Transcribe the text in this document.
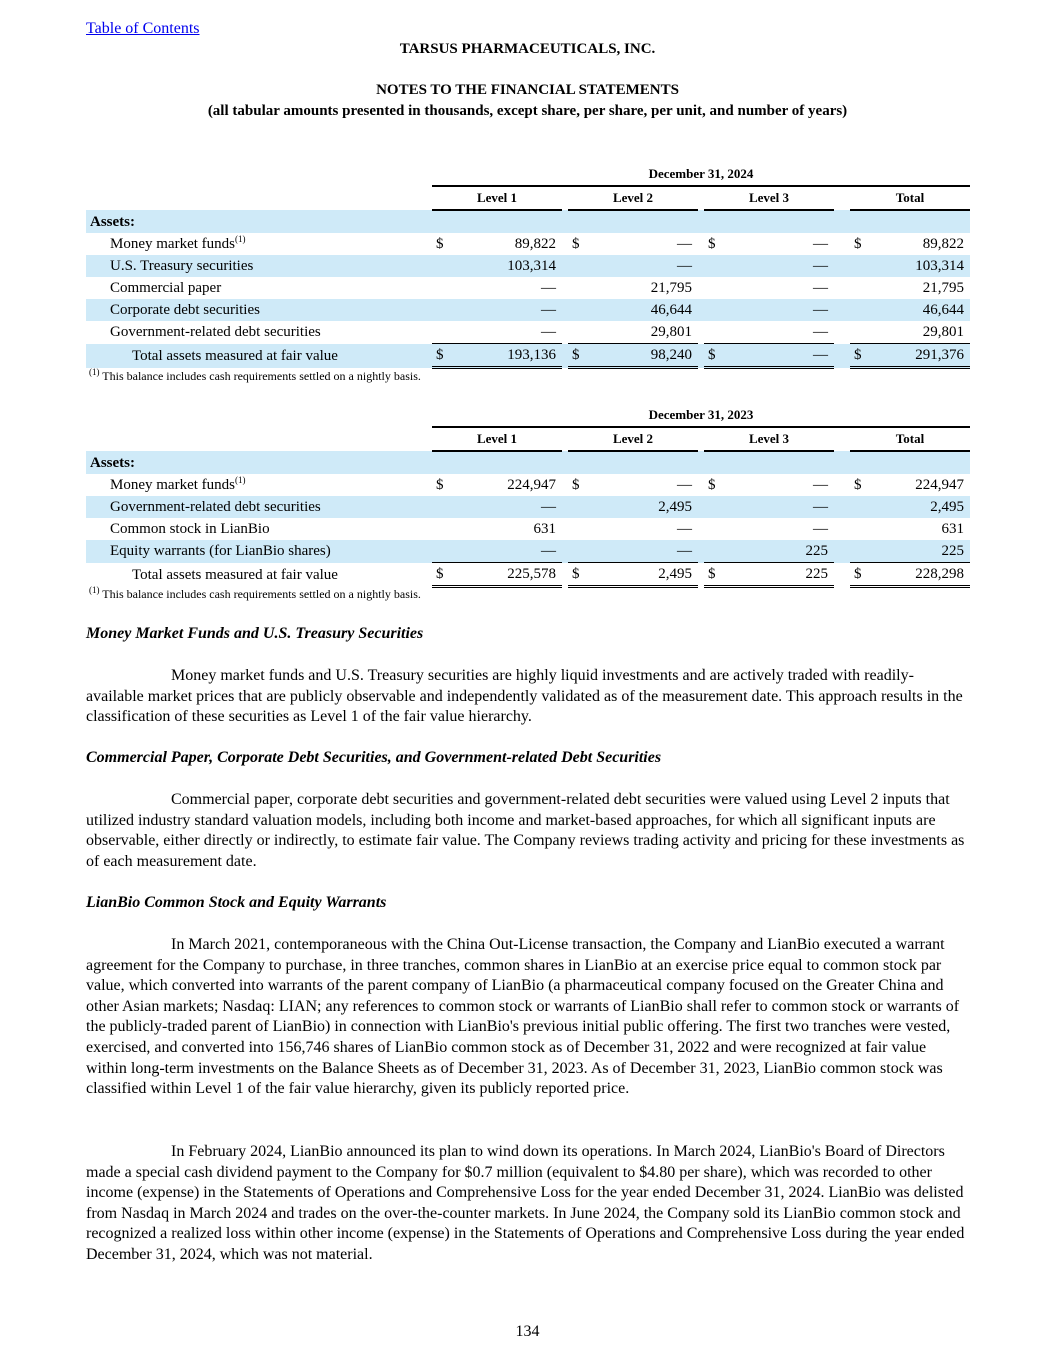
Table of Contents
TARSUS PHARMACEUTICALS, INC.
NOTES TO THE FINANCIAL STATEMENTS
(all tabular amounts presented in thousands, except share, per share, per unit, and number of years)
	December 31, 2024										
	Level 1			Level 2			Level 3			Total	
Assets:											
Money market funds$^{(1)}$	$	89,822		$	—		$	—		$	89,822
U.S. Treasury securities		103,314			—			—			103,314
Commercial paper		—			21,795			—			21,795
Corporate debt securities		—			46,644			—			46,644
Government-related debt securities		—			29,801			—			29,801
Total assets measured at fair value	$	193,136		$	98,240		$	—		$	291,376
$^{(1)}$ This balance includes cash requirements settled on a nightly basis.
	December 31, 2023										
	Level 1			Level 2			Level 3			Total	
Assets:											
Money market funds$^{(1)}$	$	224,947		$	—		$	—		$	224,947
Government-related debt securities		—			2,495			—			2,495
Common stock in LianBio		631			—			—			631
Equity warrants (for LianBio shares)		—			—			225			225
Total assets measured at fair value	$	225,578		$	2,495		$	225		$	228,298
$^{(1)}$ This balance includes cash requirements settled on a nightly basis.
Money Market Funds and U.S. Treasury Securities
Money market funds and U.S. Treasury securities are highly liquid investments and are actively traded with readily-available market prices that are publicly observable and independently validated as of the measurement date. This approach results in the classification of these securities as Level 1 of the fair value hierarchy.
Commercial Paper, Corporate Debt Securities, and Government-related Debt Securities
Commercial paper, corporate debt securities and government-related debt securities were valued using Level 2 inputs that utilized industry standard valuation models, including both income and market-based approaches, for which all significant inputs are observable, either directly or indirectly, to estimate fair value. The Company reviews trading activity and pricing for these investments as of each measurement date.
LianBio Common Stock and Equity Warrants
In March 2021, contemporaneous with the China Out-License transaction, the Company and LianBio executed a warrant agreement for the Company to purchase, in three tranches, common shares in LianBio at an exercise price equal to common stock par value, which converted into warrants of the parent company of LianBio (a pharmaceutical company focused on the Greater China and other Asian markets; Nasdaq: LIAN; any references to common stock or warrants of LianBio shall refer to common stock or warrants of the publicly-traded parent of LianBio) in connection with LianBio's previous initial public offering. The first two tranches were vested, exercised, and converted into 156,746 shares of LianBio common stock as of December 31, 2022 and were recognized at fair value within long-term investments on the Balance Sheets as of December 31, 2023. As of December 31, 2023, LianBio common stock was classified within Level 1 of the fair value hierarchy, given its publicly reported price.
In February 2024, LianBio announced its plan to wind down its operations. In March 2024, LianBio's Board of Directors made a special cash dividend payment to the Company for $0.7 million (equivalent to $4.80 per share), which was recorded to other income (expense) in the Statements of Operations and Comprehensive Loss for the year ended December 31, 2024. LianBio was delisted from Nasdaq in March 2024 and trades on the over-the-counter markets. In June 2024, the Company sold its LianBio common stock and recognized a realized loss within other income (expense) in the Statements of Operations and Comprehensive Loss during the year ended December 31, 2024, which was not material.
134
